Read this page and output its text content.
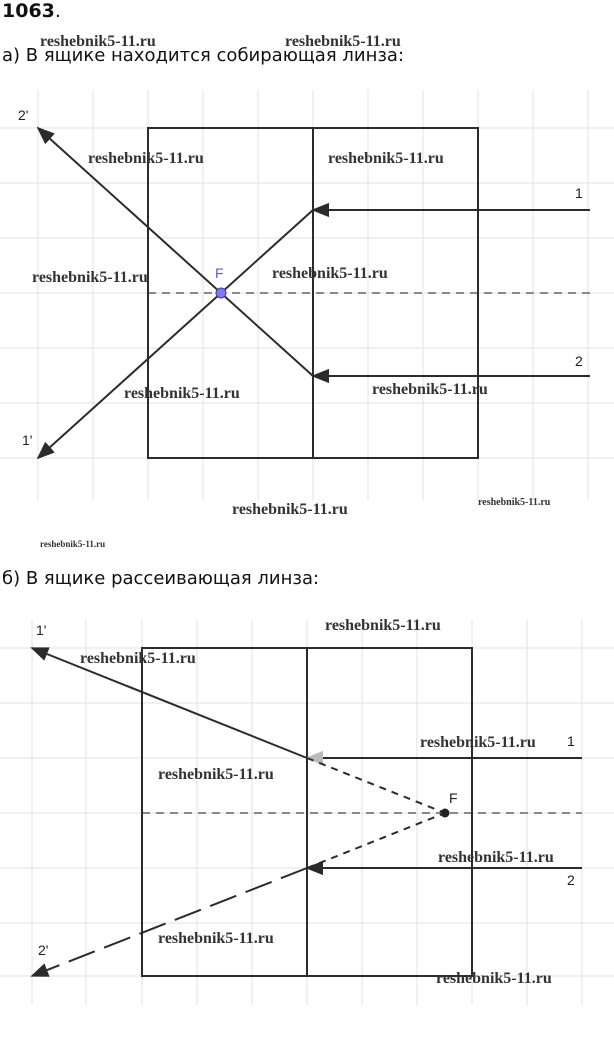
1063.
а) В ящике находится собирающая линза:
б) В ящике рассеивающая линза:
2'
1
2
1'
F
1'
1
2
2'
F
reshebnik5-11.ru	reshebnik5-11.ru
reshebnik5-11.ru	reshebnik5-11.ru
reshebnik5-11.ru	reshebnik5-11.ru
reshebnik5-11.ru
reshebnik5-11.ru
reshebnik5-11.ru	reshebnik5-11.ru
reshebnik5-11.ru
reshebnik5-11.ru
reshebnik5-11.ru
reshebnik5-11.ru
reshebnik5-11.ru
reshebnik5-11.ru
reshebnik5-11.ru
reshebnik5-11.ru
